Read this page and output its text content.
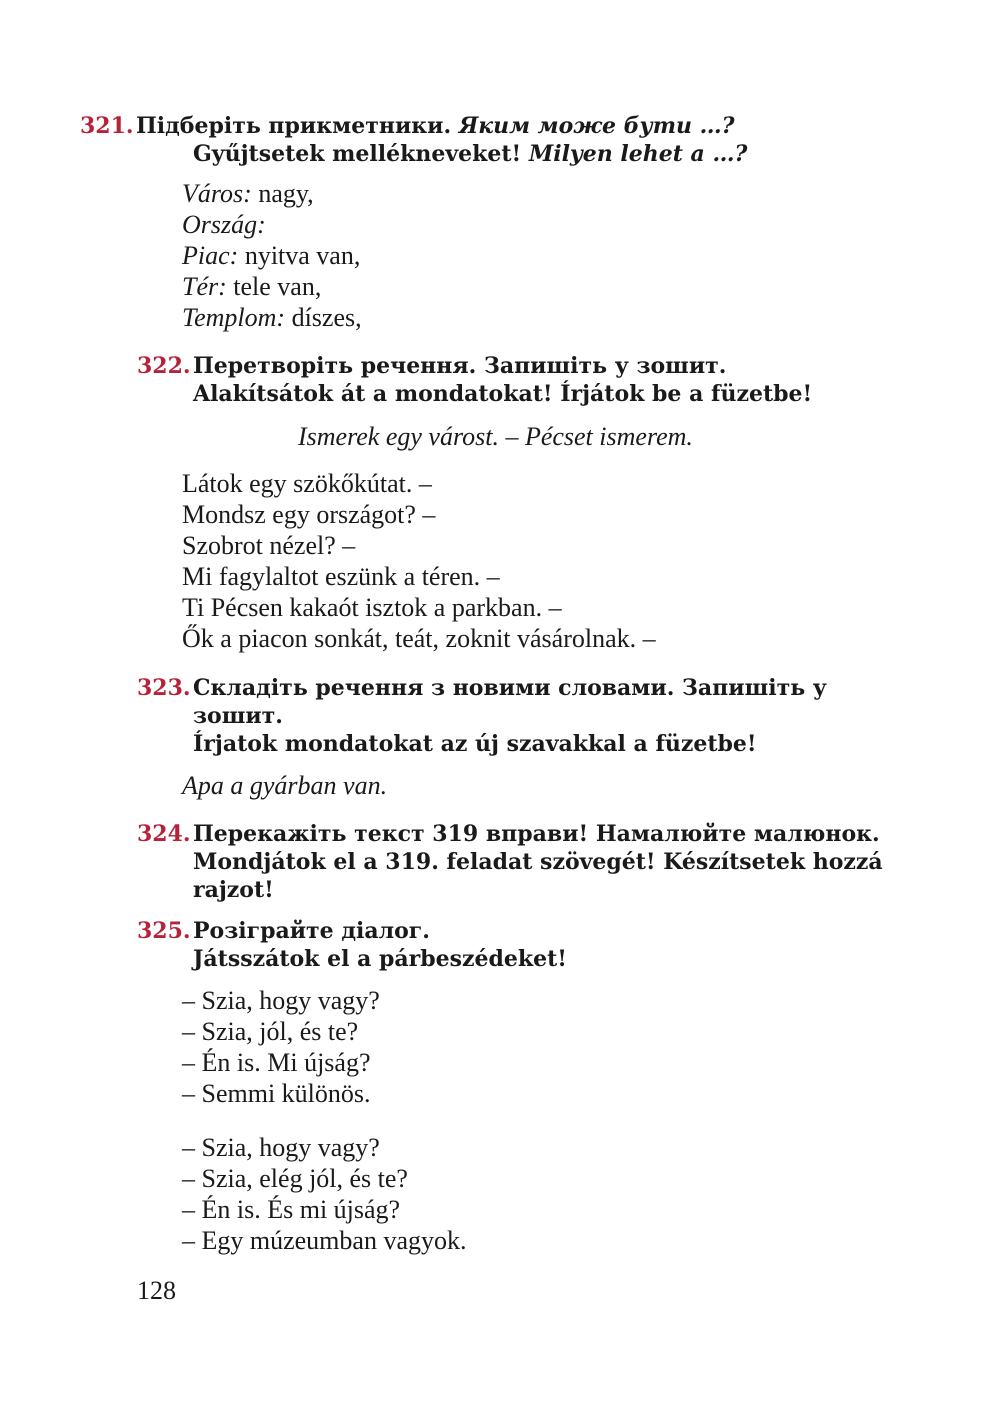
321. Підберіть прикметники. Яким може бути …?
Gyűjtsetek mellékneveket! Milyen lehet a …?
Város: nagy,
Ország:
Piac: nyitva van,
Tér: tele van,
Templom: díszes,
322. Перетворіть речення. Запишіть у зошит.
Alakítsátok át a mondatokat! Írjátok be a füzetbe!
Ismerek egy várost. – Pécset ismerem.
Látok egy szökőkútat. –
Mondsz egy országot? –
Szobrot nézel? –
Mi fagylaltot eszünk a téren. –
Ti Pécsen kakaót isztok a parkban. –
Ők a piacon sonkát, teát, zoknit vásárolnak. –
323. Складіть речення з новими словами. Запишіть у
зошит.
Írjatok mondatokat az új szavakkal a füzetbe!
Apa a gyárban van.
324. Перекажіть текст 319 вправи! Намалюйте малюнок.
Mondjátok el a 319. feladat szövegét! Készítsetek hozzá
rajzot!
325. Розіграйте діалог.
Játsszátok el a párbeszédeket!
– Szia, hogy vagy?
– Szia, jól, és te?
– Én is. Mi újság?
– Semmi különös.
– Szia, hogy vagy?
– Szia, elég jól, és te?
– Én is. És mi újság?
– Egy múzeumban vagyok.
128
